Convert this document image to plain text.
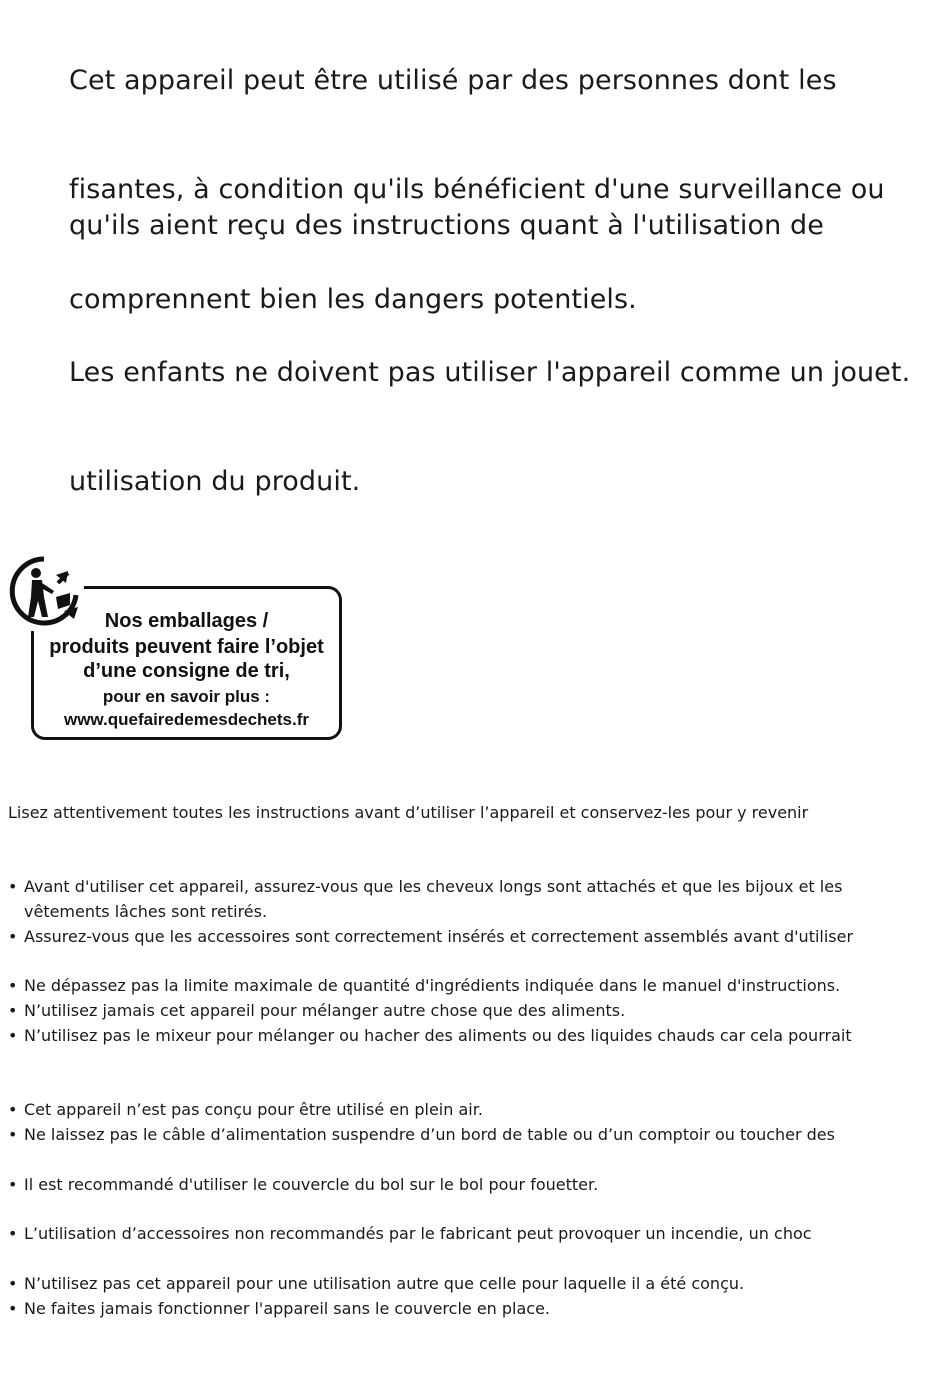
Cet appareil peut être utilisé par des personnes dont les
fisantes, à condition qu'ils bénéficient d'une surveillance ou
qu'ils aient reçu des instructions quant à l'utilisation de
comprennent bien les dangers potentiels.
Les enfants ne doivent pas utiliser l'appareil comme un jouet.
utilisation du produit.
Nos emballages /
produits peuvent faire l’objet
d’une consigne de tri,
pour en savoir plus :
www.quefairedemesdechets.fr
Lisez attentivement toutes les instructions avant d’utiliser l’appareil et conservez-les pour y revenir
• Avant d'utiliser cet appareil, assurez-vous que les cheveux longs sont attachés et que les bijoux et les
vêtements lâches sont retirés.
• Assurez-vous que les accessoires sont correctement insérés et correctement assemblés avant d'utiliser
• Ne dépassez pas la limite maximale de quantité d'ingrédients indiquée dans le manuel d'instructions.
• N’utilisez jamais cet appareil pour mélanger autre chose que des aliments.
• N’utilisez pas le mixeur pour mélanger ou hacher des aliments ou des liquides chauds car cela pourrait
• Cet appareil n’est pas conçu pour être utilisé en plein air.
• Ne laissez pas le câble d’alimentation suspendre d’un bord de table ou d’un comptoir ou toucher des
• Il est recommandé d'utiliser le couvercle du bol sur le bol pour fouetter.
• L’utilisation d’accessoires non recommandés par le fabricant peut provoquer un incendie, un choc
• N’utilisez pas cet appareil pour une utilisation autre que celle pour laquelle il a été conçu.
• Ne faites jamais fonctionner l'appareil sans le couvercle en place.
